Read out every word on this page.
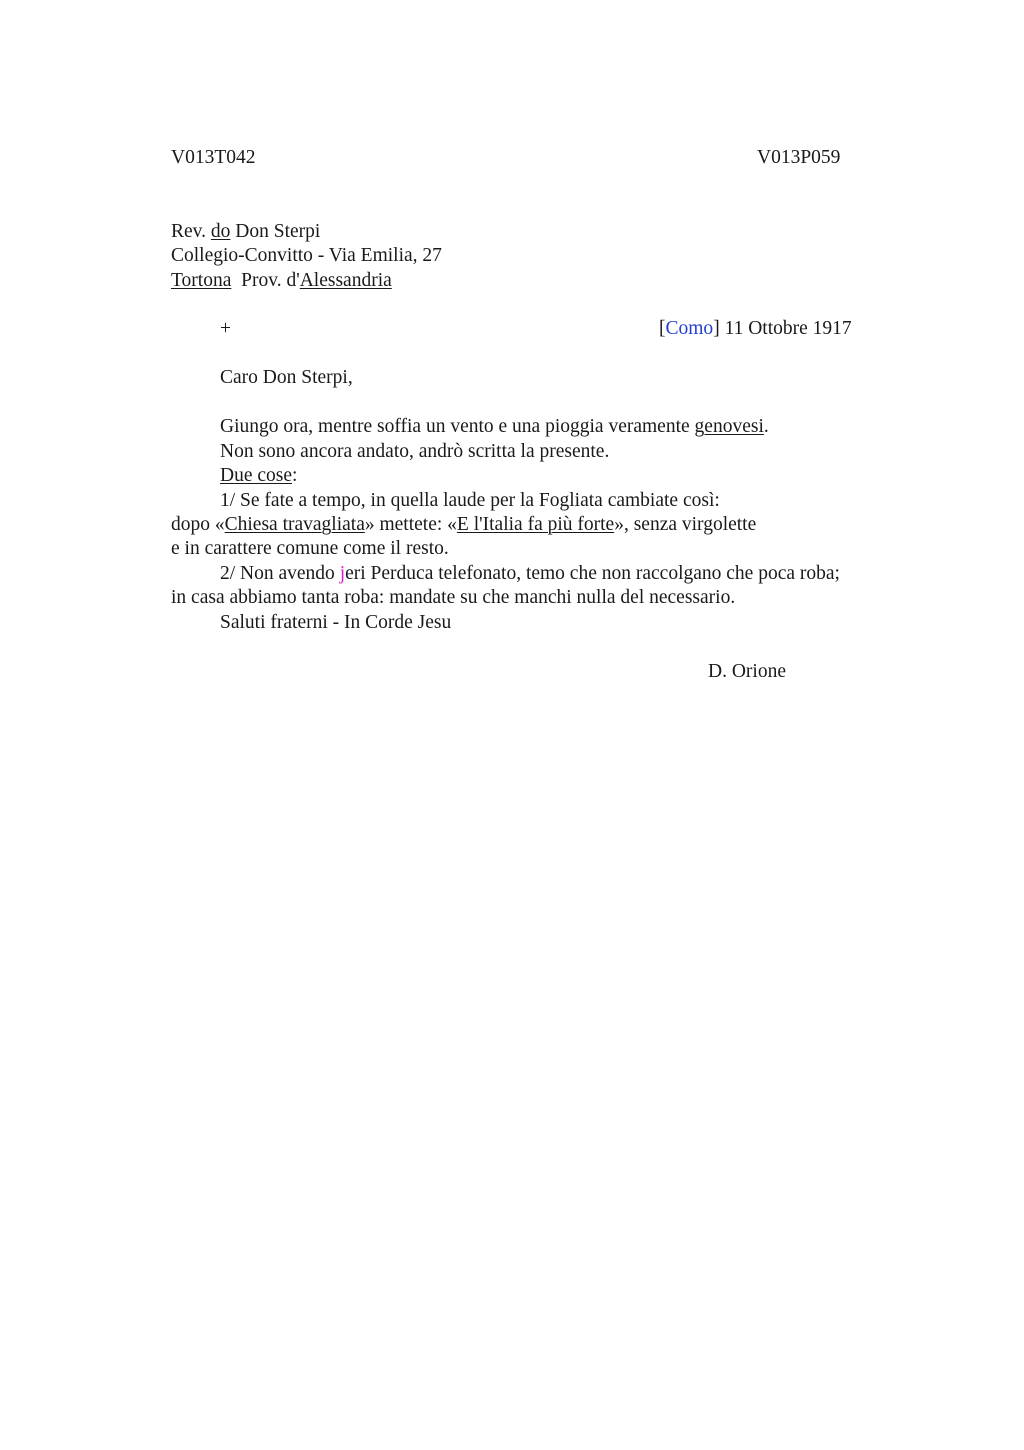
V013T042	V013P059
Rev. do Don Sterpi
Collegio-Convitto - Via Emilia, 27
Tortona Prov. d'Alessandria
+	[Como] 11 Ottobre 1917
Caro Don Sterpi,
Giungo ora, mentre soffia un vento e una pioggia veramente genovesi.
Non sono ancora andato, andrò scritta la presente.
Due cose:
1/ Se fate a tempo, in quella laude per la Fogliata cambiate così:
dopo «Chiesa travagliata» mettete: «E l'Italia fa più forte», senza virgolette
e in carattere comune come il resto.
2/ Non avendo jeri Perduca telefonato, temo che non raccolgano che poca roba;
in casa abbiamo tanta roba: mandate su che manchi nulla del necessario.
Saluti fraterni - In Corde Jesu
D. Orione
